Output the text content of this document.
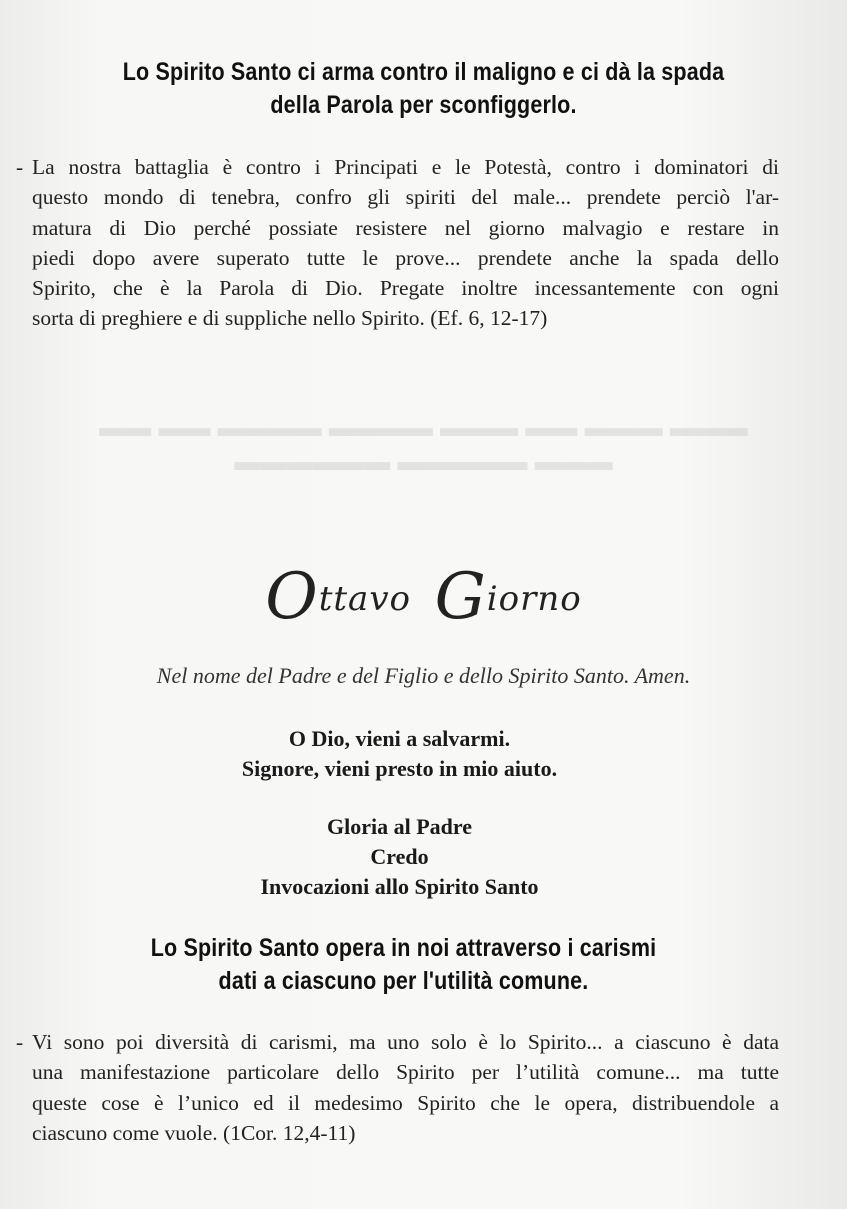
▬▬▬ ▬▬▬ ▬▬ ▬▬▬ ▬▬▬▬ ▬▬▬▬ ▬▬ ▬▬
▬▬▬ ▬▬▬▬▬ ▬▬▬▬▬▬
Lo Spirito Santo ci arma contro il maligno e ci dà la spada
della Parola per sconfiggerlo.
- La nostra battaglia è contro i Principati e le Potestà, contro i dominatori di
questo mondo di tenebra, confro gli spiriti del male... prendete perciò l'ar-
matura di Dio perché possiate resistere nel giorno malvagio e restare in
piedi dopo avere superato tutte le prove... prendete anche la spada dello
Spirito, che è la Parola di Dio. Pregate inoltre incessantemente con ogni
sorta di preghiere e di suppliche nello Spirito. (Ef. 6, 12-17)
Ottavo Giorno
Nel nome del Padre e del Figlio e dello Spirito Santo. Amen.
O Dio, vieni a salvarmi.
Signore, vieni presto in mio aiuto.
Gloria al Padre
Credo
Invocazioni allo Spirito Santo
Lo Spirito Santo opera in noi attraverso i carismi
dati a ciascuno per l'utilità comune.
- Vi sono poi diversità di carismi, ma uno solo è lo Spirito... a ciascuno è data
una manifestazione particolare dello Spirito per l’utilità comune... ma tutte
queste cose è l’unico ed il medesimo Spirito che le opera, distribuendole a
ciascuno come vuole. (1Cor. 12,4-11)
